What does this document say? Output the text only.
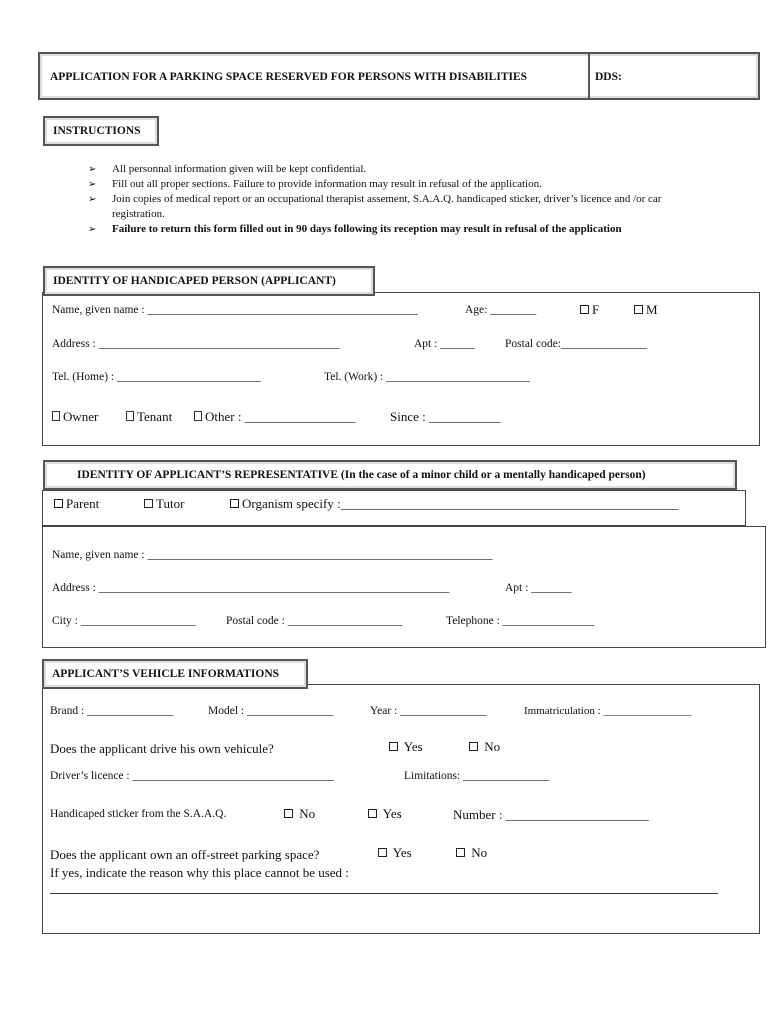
APPLICATION FOR A PARKING SPACE RESERVED FOR PERSONS WITH DISABILITIES	DDS:
INSTRUCTIONS
➢ All personnal information given will be kept confidential.
➢ Fill out all proper sections. Failure to provide information may result in refusal of the application.
➢ Join copies of medical report or an occupational therapist assement, S.A.A.Q. handicaped sticker, driver’s licence and /or car registration.
➢ Failure to return this form filled out in 90 days following its reception may result in refusal of the application
IDENTITY OF HANDICAPED PERSON (APPLICANT)
Name, given name : _______________________________________________	Age: ________	F	M
Address : __________________________________________	Apt : ______	Postal code:_______________
Tel. (Home) : _________________________	Tel. (Work) : _________________________
Owner	Tenant	Other : _________________	Since : ___________
IDENTITY OF APPLICANT’S REPRESENTATIVE (In the case of a minor child or a mentally handicaped person)
Parent	Tutor	Organism specify :____________________________________________________
Name, given name : ____________________________________________________________
Address : _____________________________________________________________	Apt : _______
City : ____________________	Postal code : ____________________	Telephone : ________________
APPLICANT’S VEHICLE INFORMATIONS
Brand : _______________	Model : _______________	Year : _______________	Immatriculation : ________________
Does the applicant drive his own vehicule?	Yes	No
Driver’s licence : ___________________________________	Limitations: _______________
Handicaped sticker from the S.A.A.Q.	No	Yes	Number : ______________________
Does the applicant own an off-street parking space?	Yes	No
If yes, indicate the reason why this place cannot be used :
